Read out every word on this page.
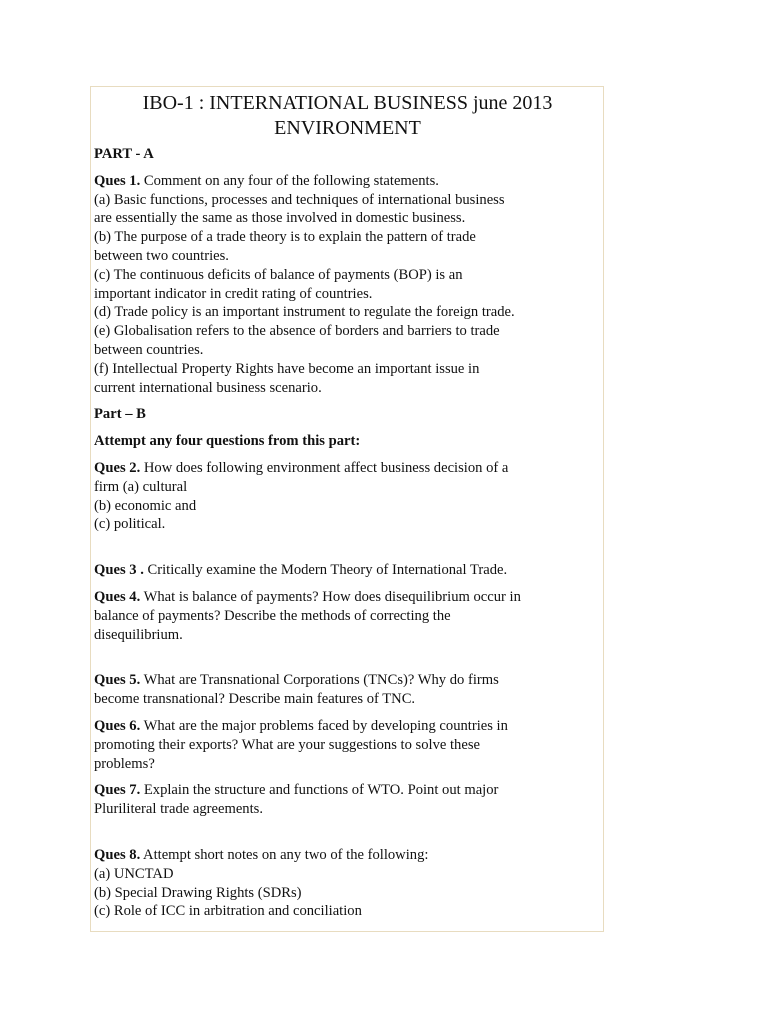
IBO-1 : INTERNATIONAL BUSINESS june 2013
ENVIRONMENT
PART - A
Ques 1. Comment on any four of the following statements.
(a) Basic functions, processes and techniques of international business
are essentially the same as those involved in domestic business.
(b) The purpose of a trade theory is to explain the pattern of trade
between two countries.
(c) The continuous deficits of balance of payments (BOP) is an
important indicator in credit rating of countries.
(d) Trade policy is an important instrument to regulate the foreign trade.
(e) Globalisation refers to the absence of borders and barriers to trade
between countries.
(f) Intellectual Property Rights have become an important issue in
current international business scenario.
Part – B
Attempt any four questions from this part:
Ques 2. How does following environment affect business decision of a
firm (a) cultural
(b) economic and
(c) political.
Ques 3 . Critically examine the Modern Theory of International Trade.
Ques 4. What is balance of payments? How does disequilibrium occur in
balance of payments? Describe the methods of correcting the
disequilibrium.
Ques 5. What are Transnational Corporations (TNCs)? Why do firms
become transnational? Describe main features of TNC.
Ques 6. What are the major problems faced by developing countries in
promoting their exports? What are your suggestions to solve these
problems?
Ques 7. Explain the structure and functions of WTO. Point out major
Pluriliteral trade agreements.
Ques 8. Attempt short notes on any two of the following:
(a) UNCTAD
(b) Special Drawing Rights (SDRs)
(c) Role of ICC in arbitration and conciliation
